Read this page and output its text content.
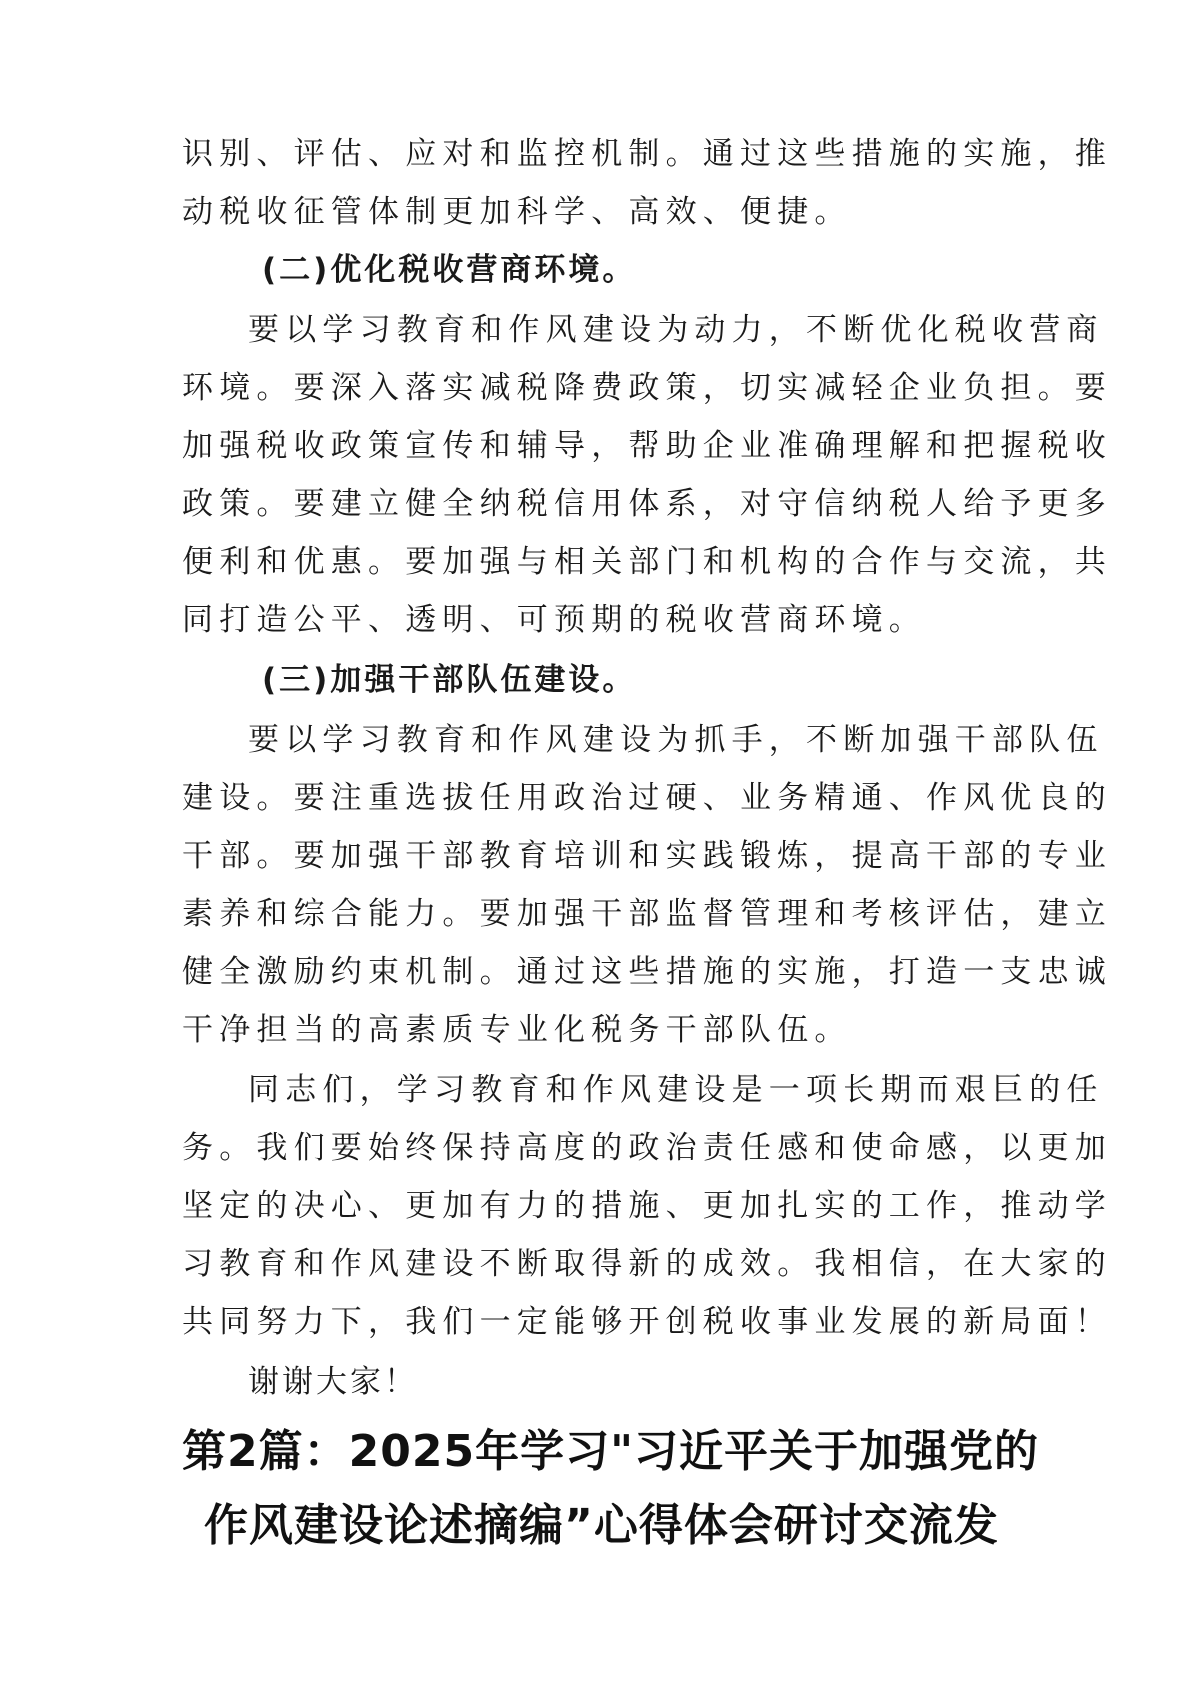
识别、评估、应对和监控机制。通过这些措施的实施，推
动税收征管体制更加科学、高效、便捷。
(二)优化税收营商环境。
要以学习教育和作风建设为动力，不断优化税收营商
环境。要深入落实减税降费政策，切实减轻企业负担。要
加强税收政策宣传和辅导，帮助企业准确理解和把握税收
政策。要建立健全纳税信用体系，对守信纳税人给予更多
便利和优惠。要加强与相关部门和机构的合作与交流，共
同打造公平、透明、可预期的税收营商环境。
(三)加强干部队伍建设。
要以学习教育和作风建设为抓手，不断加强干部队伍
建设。要注重选拔任用政治过硬、业务精通、作风优良的
干部。要加强干部教育培训和实践锻炼，提高干部的专业
素养和综合能力。要加强干部监督管理和考核评估，建立
健全激励约束机制。通过这些措施的实施，打造一支忠诚
干净担当的高素质专业化税务干部队伍。
同志们，学习教育和作风建设是一项长期而艰巨的任
务。我们要始终保持高度的政治责任感和使命感，以更加
坚定的决心、更加有力的措施、更加扎实的工作，推动学
习教育和作风建设不断取得新的成效。我相信，在大家的
共同努力下，我们一定能够开创税收事业发展的新局面！
谢谢大家！
第2篇：2025年学习"习近平关于加强党的
作风建设论述摘编”心得体会研讨交流发
